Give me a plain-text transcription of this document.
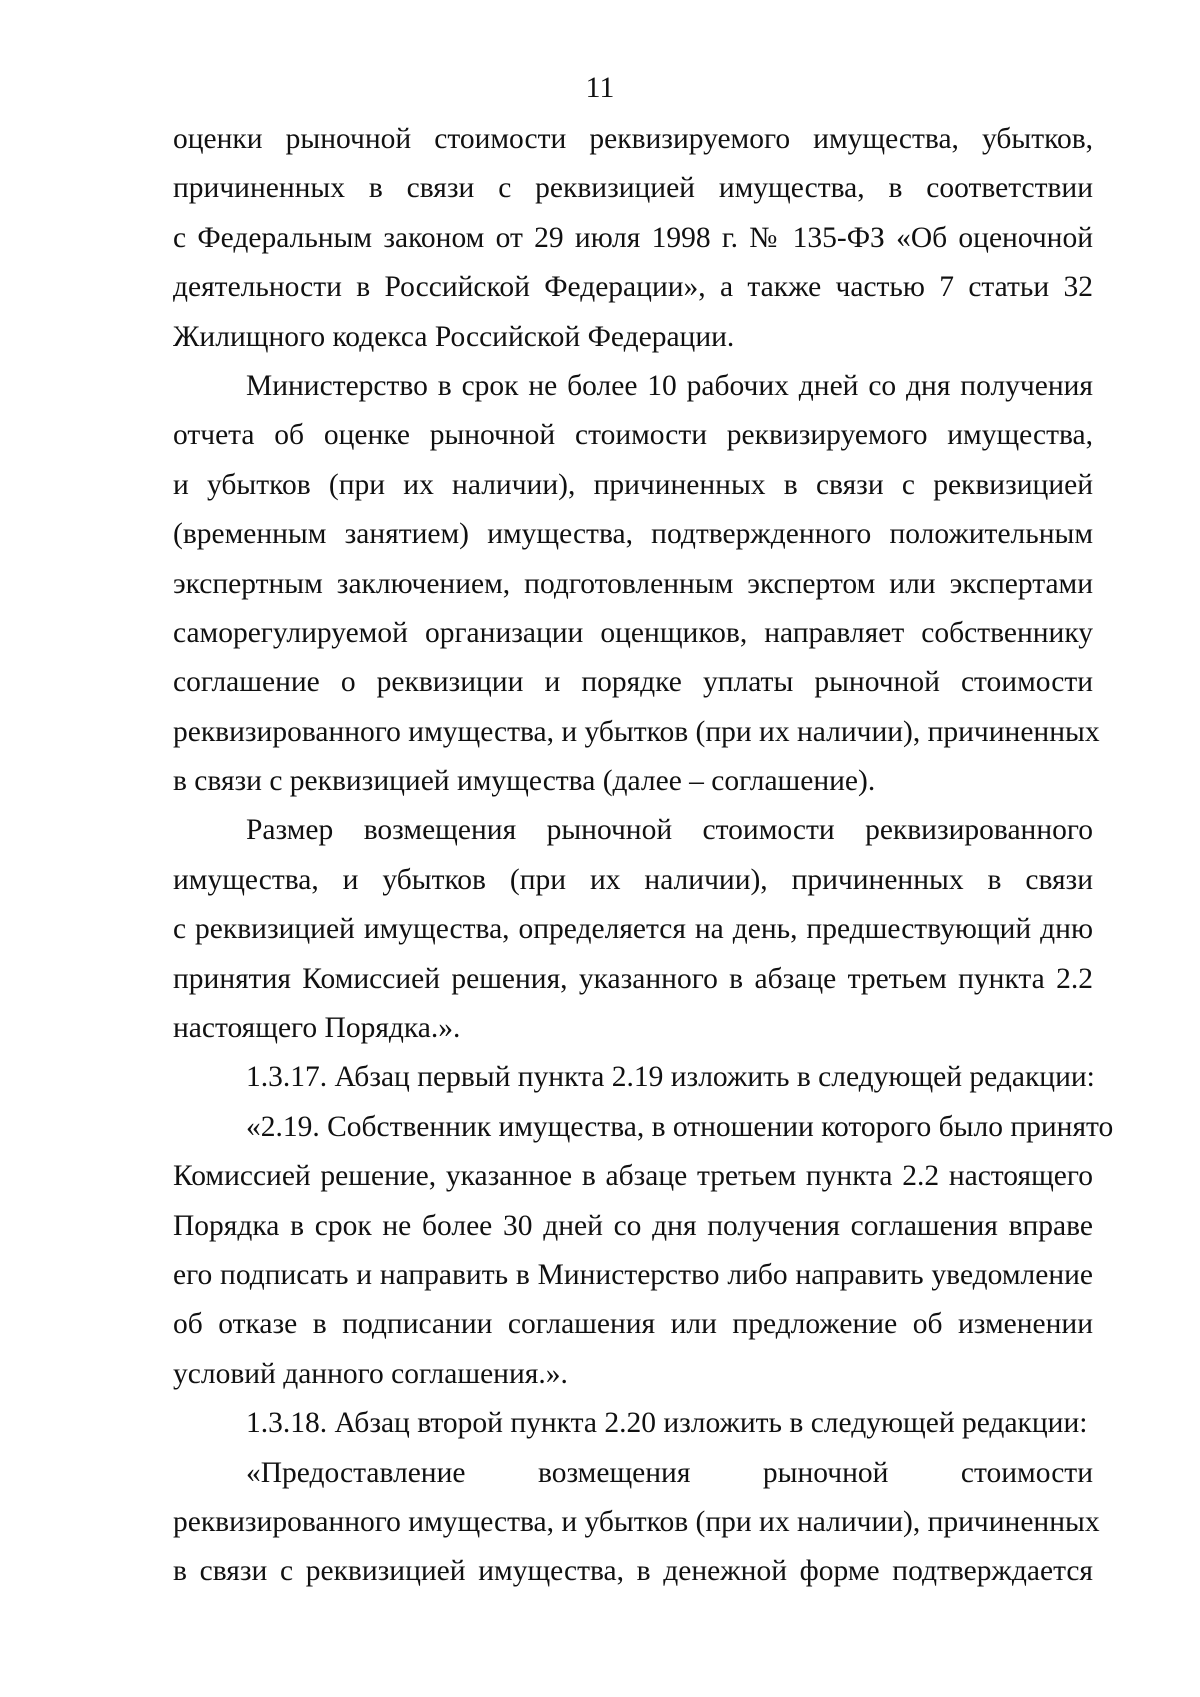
11
оценки рыночной стоимости реквизируемого имущества, убытков,
причиненных в связи с реквизицией имущества, в соответствии
с Федеральным законом от 29 июля 1998 г. № 135-ФЗ «Об оценочной
деятельности в Российской Федерации», а также частью 7 статьи 32
Жилищного кодекса Российской Федерации.
Министерство в срок не более 10 рабочих дней со дня получения
отчета об оценке рыночной стоимости реквизируемого имущества,
и убытков (при их наличии), причиненных в связи с реквизицией
(временным занятием) имущества, подтвержденного положительным
экспертным заключением, подготовленным экспертом или экспертами
саморегулируемой организации оценщиков, направляет собственнику
соглашение о реквизиции и порядке уплаты рыночной стоимости
реквизированного имущества, и убытков (при их наличии), причиненных
в связи с реквизицией имущества (далее – соглашение).
Размер возмещения рыночной стоимости реквизированного
имущества, и убытков (при их наличии), причиненных в связи
с реквизицией имущества, определяется на день, предшествующий дню
принятия Комиссией решения, указанного в абзаце третьем пункта 2.2
настоящего Порядка.».
1.3.17. Абзац первый пункта 2.19 изложить в следующей редакции:
«2.19. Собственник имущества, в отношении которого было принято
Комиссией решение, указанное в абзаце третьем пункта 2.2 настоящего
Порядка в срок не более 30 дней со дня получения соглашения вправе
его подписать и направить в Министерство либо направить уведомление
об отказе в подписании соглашения или предложение об изменении
условий данного соглашения.».
1.3.18. Абзац второй пункта 2.20 изложить в следующей редакции:
«Предоставление возмещения рыночной стоимости
реквизированного имущества, и убытков (при их наличии), причиненных
в связи с реквизицией имущества, в денежной форме подтверждается
